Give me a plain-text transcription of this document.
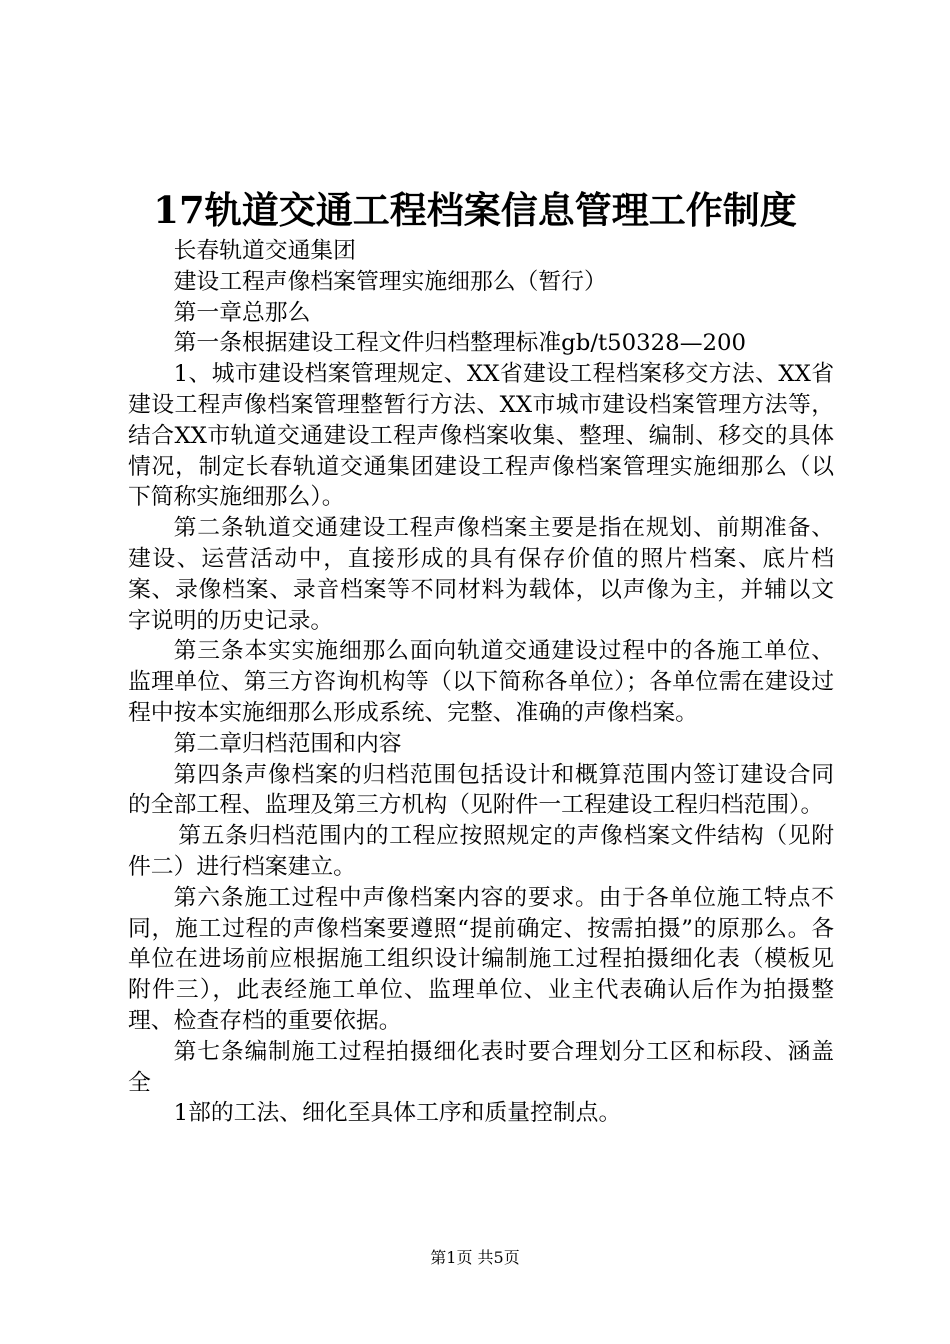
17轨道交通工程档案信息管理工作制度

长春轨道交通集团

建设工程声像档案管理实施细那么（暂行）

第一章总那么

第一条根据建设工程文件归档整理标准gb/t50328—200

1、城市建设档案管理规定、XX省建设工程档案移交方法、XX省建设工程声像档案管理整暂行方法、XX市城市建设档案管理方法等，结合XX市轨道交通建设工程声像档案收集、整理、编制、移交的具体情况，制定长春轨道交通集团建设工程声像档案管理实施细那么（以下简称实施细那么）。

第二条轨道交通建设工程声像档案主要是指在规划、前期准备、建设、运营活动中，直接形成的具有保存价值的照片档案、底片档案、录像档案、录音档案等不同材料为载体，以声像为主，并辅以文字说明的历史记录。

第三条本实实施细那么面向轨道交通建设过程中的各施工单位、监理单位、第三方咨询机构等（以下简称各单位）；各单位需在建设过程中按本实施细那么形成系统、完整、准确的声像档案。

第二章归档范围和内容

第四条声像档案的归档范围包括设计和概算范围内签订建设合同的全部工程、监理及第三方机构（见附件一工程建设工程归档范围）。

第五条归档范围内的工程应按照规定的声像档案文件结构（见附件二）进行档案建立。

第六条施工过程中声像档案内容的要求。由于各单位施工特点不同，施工过程的声像档案要遵照“提前确定、按需拍摄”的原那么。各单位在进场前应根据施工组织设计编制施工过程拍摄细化表（模板见附件三），此表经施工单位、监理单位、业主代表确认后作为拍摄整理、检查存档的重要依据。

第七条编制施工过程拍摄细化表时要合理划分工区和标段、涵盖全

1部的工法、细化至具体工序和质量控制点。

第1页 共5页
